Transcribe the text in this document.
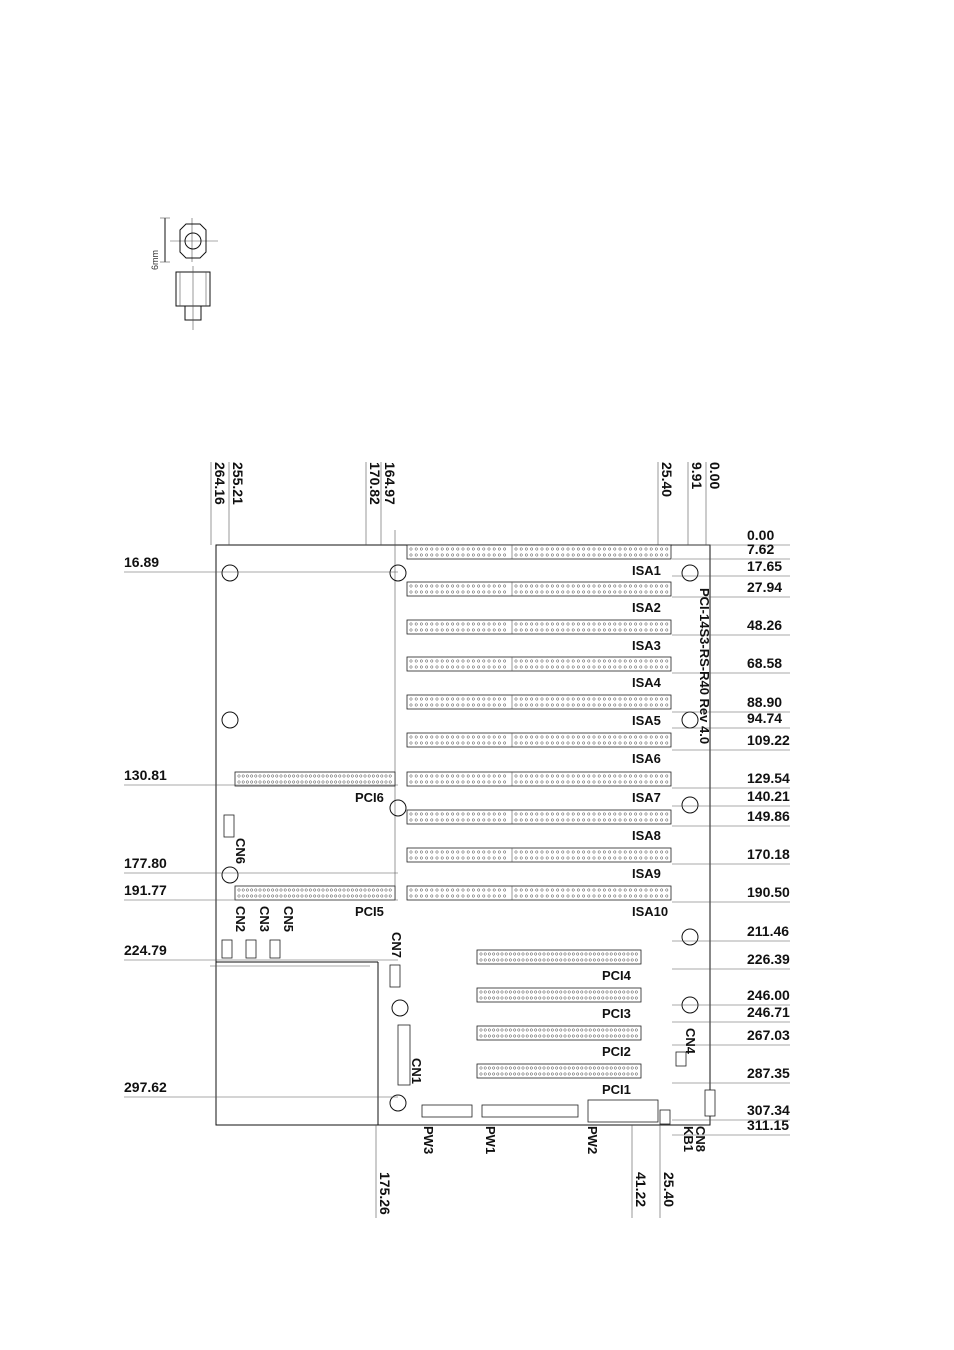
6mm
ISA1
ISA2
ISA3
ISA4
ISA5
ISA6
ISA7
ISA8
ISA9
ISA10
PCI6
PCI5
PCI4
PCI3
PCI2
PCI1
255.21
264.16	164.97
170.82	25.40 9.91 0.00
175.26	41.22 25.40
16.89
130.81
177.80
191.77
224.79
297.62
0.00
7.62
17.65
27.94
48.26
68.58
88.90
94.74
109.22
129.54
140.21
149.86
170.18
190.50
211.46
226.39
246.00
246.71
267.03
287.35
307.34
311.15
PCI-14S3-RS-R40 Rev 4.0
CN6
CN2 CN3 CN5
CN7
CN1
CN4
CN8
KB1
PW3	PW1	PW2
